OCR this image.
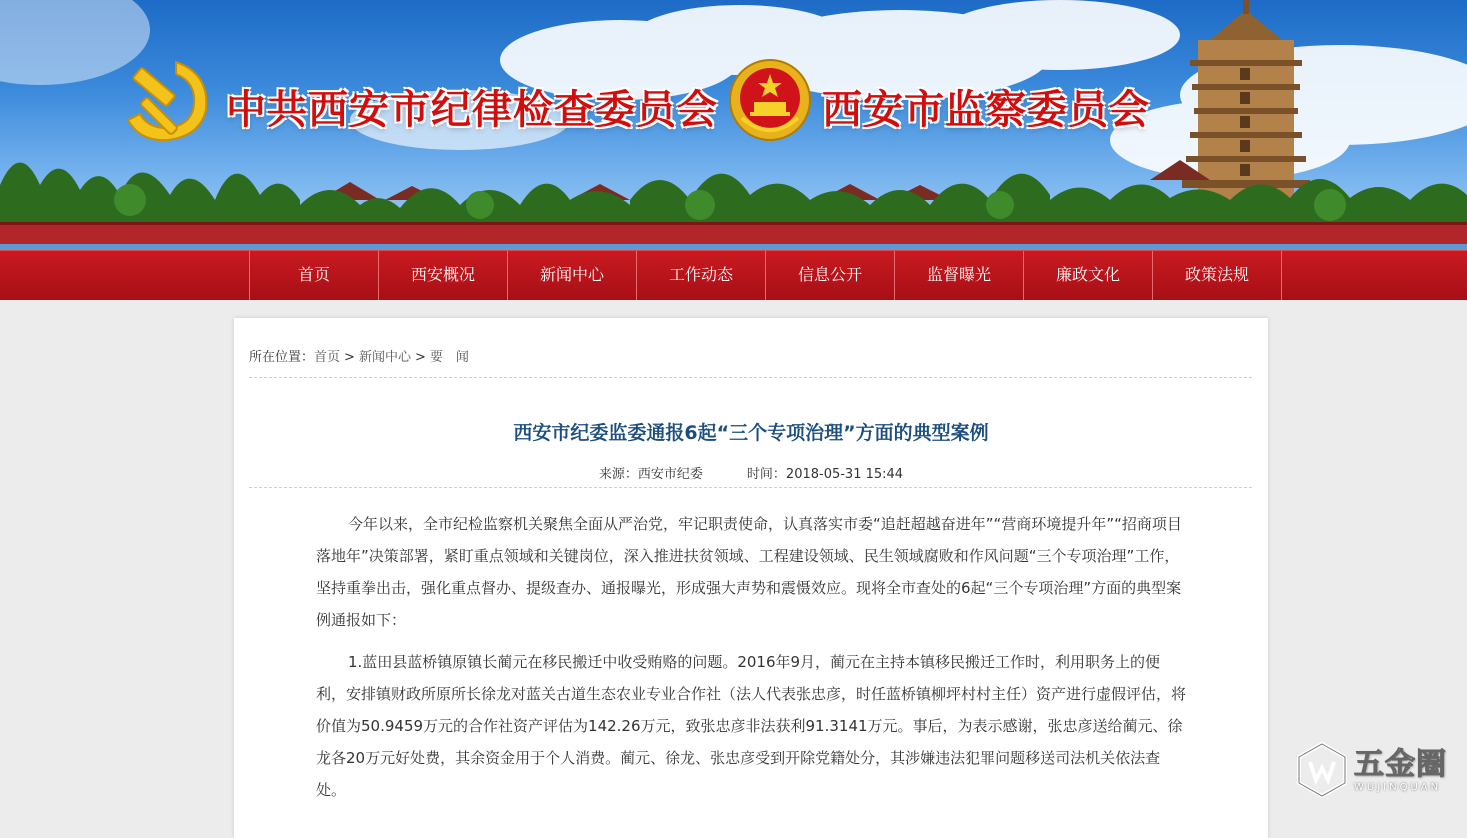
中共西安市纪律检查委员会	西安市监察委员会
首页	西安概况	新闻中心	工作动态	信息公开	监督曝光	廉政文化	政策法规
所在位置：首页 > 新闻中心 > 要　闻
西安市纪委监委通报6起“三个专项治理”方面的典型案例
来源：西安市纪委	时间：2018-05-31 15:44

今年以来，全市纪检监察机关聚焦全面从严治党，牢记职责使命，认真落实市委“追赶超越奋进年”“营商环境提升年”“招商项目落地年”决策部署，紧盯重点领域和关键岗位，深入推进扶贫领域、工程建设领域、民生领域腐败和作风问题“三个专项治理”工作，坚持重拳出击，强化重点督办、提级查办、通报曝光，形成强大声势和震慑效应。现将全市查处的6起“三个专项治理”方面的典型案例通报如下：

1.蓝田县蓝桥镇原镇长蔺元在移民搬迁中收受贿赂的问题。2016年9月，蔺元在主持本镇移民搬迁工作时，利用职务上的便利，安排镇财政所原所长徐龙对蓝关古道生态农业专业合作社（法人代表张忠彦，时任蓝桥镇柳坪村村主任）资产进行虚假评估，将价值为50.9459万元的合作社资产评估为142.26万元，致张忠彦非法获利91.3141万元。事后，为表示感谢，张忠彦送给蔺元、徐龙各20万元好处费，其余资金用于个人消费。蔺元、徐龙、张忠彦受到开除党籍处分，其涉嫌违法犯罪问题移送司法机关依法查处。

五金圈
WUJINQUAN
